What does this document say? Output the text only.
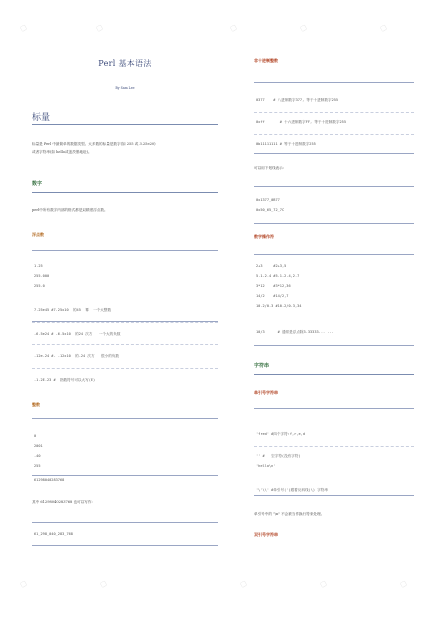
Perl 基本语法
By Sam Lee
标量
标量是 Perl 中最简单的数据类型。大多数的标量是数字(如 255 或 3.25e20)
或者字符串(如 hello或盖茨堡地址)。
数字
perl中所有数字内部的格式都是双精度浮点数。
浮点数
1.25
255.000
255.0
7.25e45 #7.25x10  的45  幂  一个大整数
-6.5e24 # -6.5x10  的24 次方   一个大的负数
-12e-24 #- -12x10  的-24 次方   很小的负数
-1.2E-23 #  指数符号可以大写(E)
整数
0
2001
-40
255
61298040283768
其中 61298040283768 也可以写作:
61_298_040_283_768
非十进制整数
0377    # 八进制数字377, 等于十进制数字255
0xff       # 十六进制数字FF, 等于十进制数字255
0b11111111 # 等于十进制数字255
可以用下划线表示:
0x1377_0B77
0x50_65_72_7C
数字操作符
2+3     #2+3,5
5.1-2.4 #5.1-2.4,2.7
3*12    #3*12,36
14/2    #14/2,7
10.2/0.3 #10.2/0.3,34
10/3      # 通常是浮点除3.33333... ...
字符串
单引号字符串
'fred' #四个字符:f,r,e,d
'' #   空字符(没有字符)
'hello\n'
'\'\\' #单引号(')跟着反斜线(\) 字符串
单引号中的 "\n" 不会被当作换行符来处理。
双引号字符串
▢	▢	▢	▢	▢
▢	▢	▢	▢	▢
